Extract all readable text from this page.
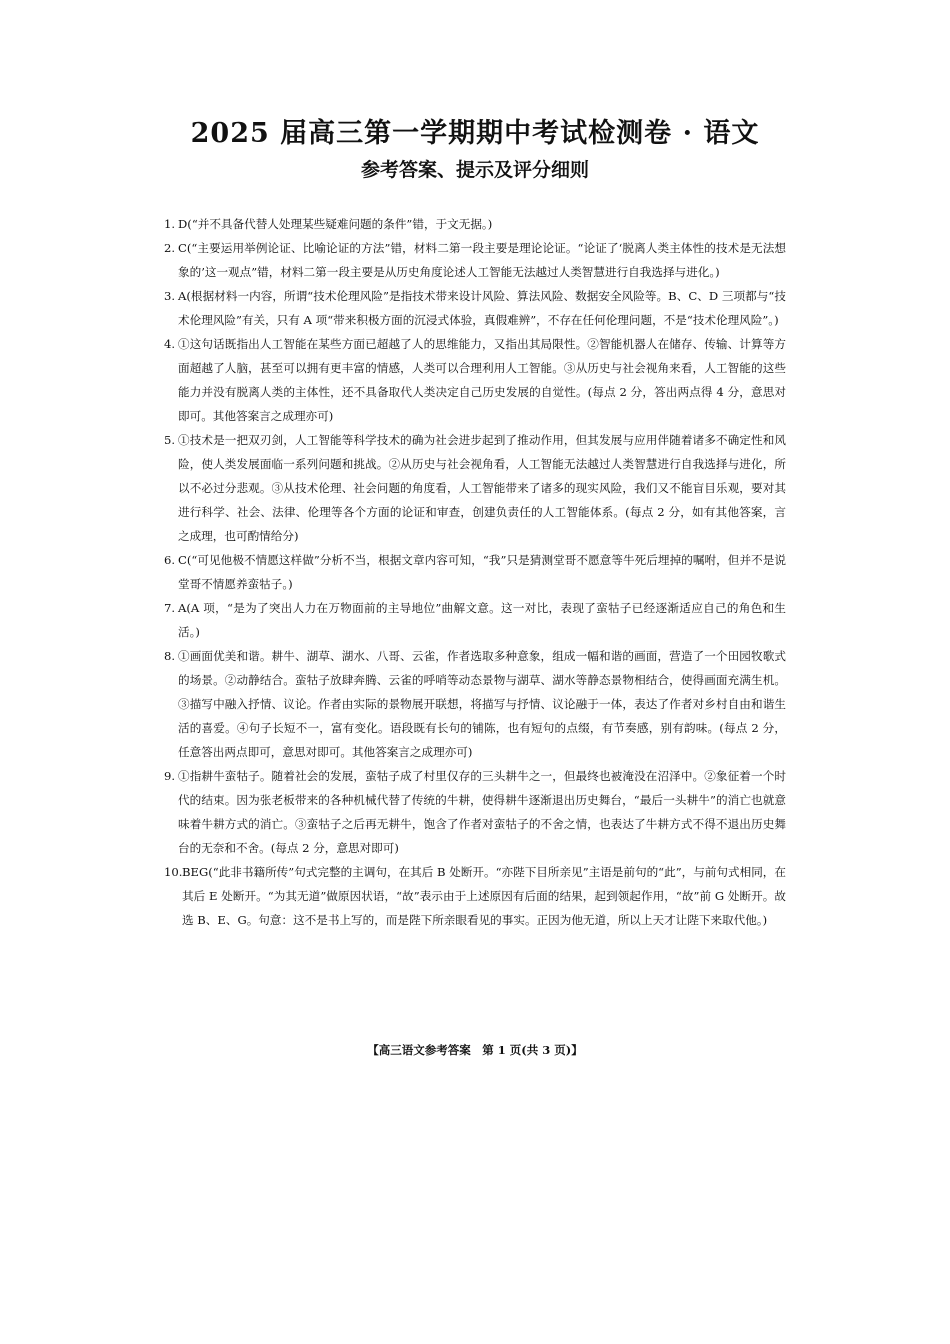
2025 届高三第一学期期中考试检测卷 · 语文
参考答案、提示及评分细则
1. D(“并不具备代替人处理某些疑难问题的条件”错，于文无据。)
2. C(“主要运用举例论证、比喻论证的方法”错，材料二第一段主要是理论论证。“论证了‘脱离人类主体性的技术是无法想象的’这一观点”错，材料二第一段主要是从历史角度论述人工智能无法越过人类智慧进行自我选择与进化。)
3. A(根据材料一内容，所谓“技术伦理风险”是指技术带来设计风险、算法风险、数据安全风险等。B、C、D 三项都与“技术伦理风险”有关，只有 A 项“带来积极方面的沉浸式体验，真假难辨”，不存在任何伦理问题，不是“技术伦理风险”。)
4. ①这句话既指出人工智能在某些方面已超越了人的思维能力，又指出其局限性。②智能机器人在储存、传输、计算等方面超越了人脑，甚至可以拥有更丰富的情感，人类可以合理利用人工智能。③从历史与社会视角来看，人工智能的这些能力并没有脱离人类的主体性，还不具备取代人类决定自己历史发展的自觉性。(每点 2 分，答出两点得 4 分，意思对即可。其他答案言之成理亦可)
5. ①技术是一把双刃剑，人工智能等科学技术的确为社会进步起到了推动作用，但其发展与应用伴随着诸多不确定性和风险，使人类发展面临一系列问题和挑战。②从历史与社会视角看，人工智能无法越过人类智慧进行自我选择与进化，所以不必过分悲观。③从技术伦理、社会问题的角度看，人工智能带来了诸多的现实风险，我们又不能盲目乐观，要对其进行科学、社会、法律、伦理等各个方面的论证和审查，创建负责任的人工智能体系。(每点 2 分，如有其他答案，言之成理，也可酌情给分)
6. C(“可见他极不情愿这样做”分析不当，根据文章内容可知，“我”只是猜测堂哥不愿意等牛死后埋掉的嘱咐，但并不是说堂哥不情愿养蛮牯子。)
7. A(A 项，“是为了突出人力在万物面前的主导地位”曲解文意。这一对比，表现了蛮牯子已经逐渐适应自己的角色和生活。)
8. ①画面优美和谐。耕牛、湖草、湖水、八哥、云雀，作者选取多种意象，组成一幅和谐的画面，营造了一个田园牧歌式的场景。②动静结合。蛮牯子放肆奔腾、云雀的呼哨等动态景物与湖草、湖水等静态景物相结合，使得画面充满生机。③描写中融入抒情、议论。作者由实际的景物展开联想，将描写与抒情、议论融于一体，表达了作者对乡村自由和谐生活的喜爱。④句子长短不一，富有变化。语段既有长句的铺陈，也有短句的点缀，有节奏感，别有韵味。(每点 2 分，任意答出两点即可，意思对即可。其他答案言之成理亦可)
9. ①指耕牛蛮牯子。随着社会的发展，蛮牯子成了村里仅存的三头耕牛之一，但最终也被淹没在沼泽中。②象征着一个时代的结束。因为张老板带来的各种机械代替了传统的牛耕，使得耕牛逐渐退出历史舞台，“最后一头耕牛”的消亡也就意味着牛耕方式的消亡。③蛮牯子之后再无耕牛，饱含了作者对蛮牯子的不舍之情，也表达了牛耕方式不得不退出历史舞台的无奈和不舍。(每点 2 分，意思对即可)
10. BEG(“此非书籍所传”句式完整的主调句，在其后 B 处断开。“亦陛下目所亲见”主语是前句的“此”，与前句式相同，在其后 E 处断开。“为其无道”做原因状语，“故”表示由于上述原因有后面的结果，起到领起作用，“故”前 G 处断开。故选 B、E、G。句意：这不是书上写的，而是陛下所亲眼看见的事实。正因为他无道，所以上天才让陛下来取代他。)
【高三语文参考答案　第 1 页(共 3 页)】
